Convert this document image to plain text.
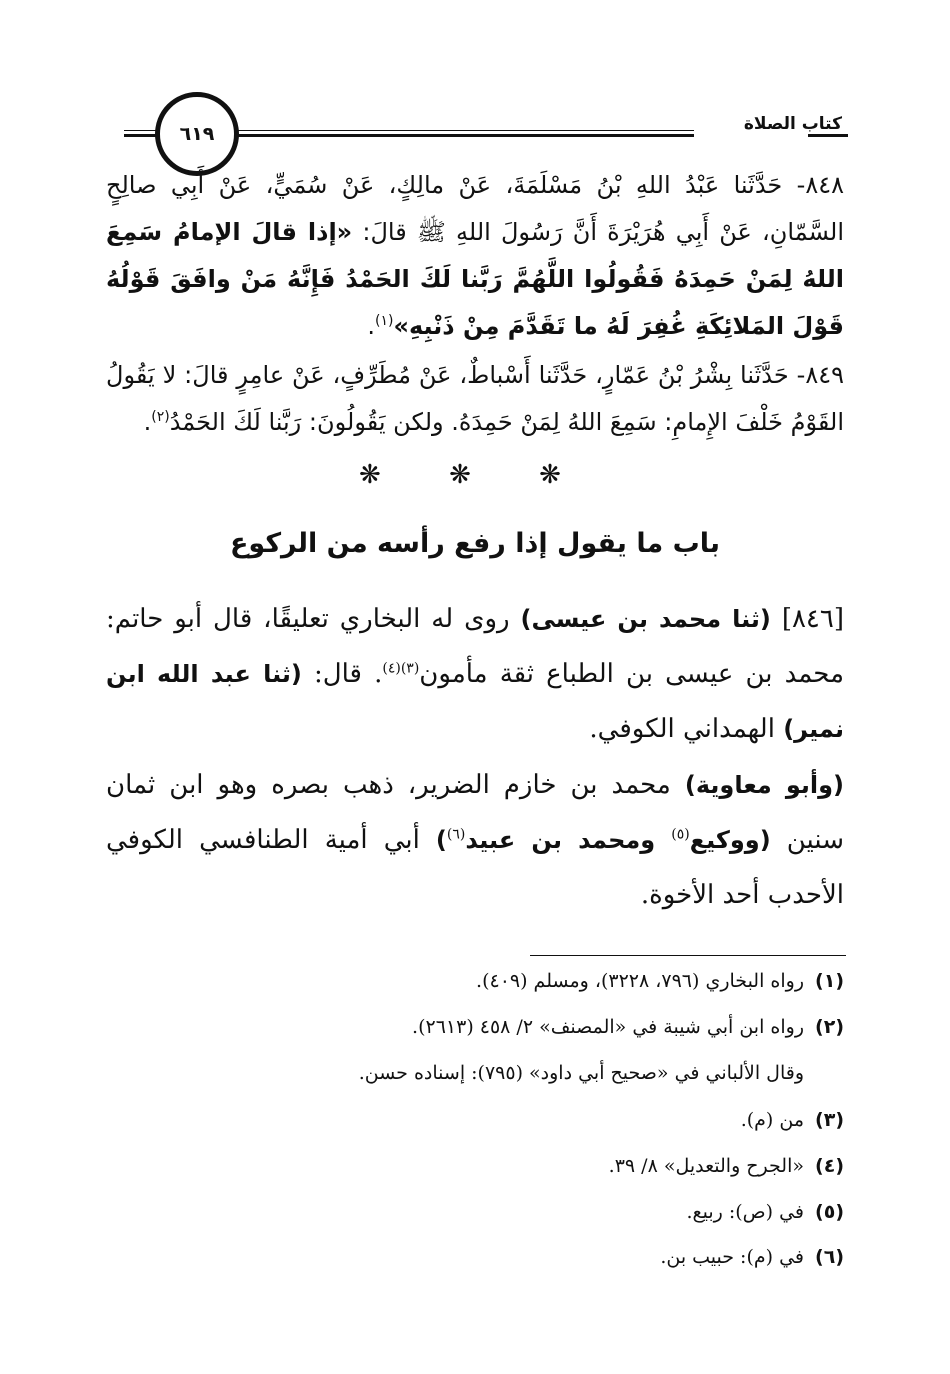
كتاب الصلاة
٦١٩
٨٤٨- حَدَّثَنا عَبْدُ اللهِ بْنُ مَسْلَمَةَ، عَنْ مالِكٍ، عَنْ سُمَيٍّ، عَنْ أَبِي صالِحٍ السَّمّانِ، عَنْ أَبِي هُرَيْرَةَ أَنَّ رَسُولَ اللهِ ﷺ قالَ: «إذا قالَ الإمامُ سَمِعَ اللهُ لِمَنْ حَمِدَهُ فَقُولُوا اللَّهُمَّ رَبَّنا لَكَ الحَمْدُ فَإِنَّهُ مَنْ وافَقَ قَوْلُهُ قَوْلَ المَلائِكَةِ غُفِرَ لَهُ ما تَقَدَّمَ مِنْ ذَنْبِهِ»$^{(١)}$.
٨٤٩- حَدَّثَنا بِشْرُ بْنُ عَمّارٍ، حَدَّثَنا أَسْباطٌ، عَنْ مُطَرِّفٍ، عَنْ عامِرٍ قالَ: لا يَقُولُ القَوْمُ خَلْفَ الإِمامِ: سَمِعَ اللهُ لِمَنْ حَمِدَهُ. ولكن يَقُولُونَ: رَبَّنا لَكَ الحَمْدُ$^{(٢)}$.
❋ ❋ ❋
باب ما يقول إذا رفع رأسه من الركوع
[٨٤٦] (ثنا محمد بن عيسى) روى له البخاري تعليقًا، قال أبو حاتم: محمد بن عيسى بن الطباع ثقة مأمون$^{(٣)(٤)}$. قال: (ثنا عبد الله ابن نمير) الهمداني الكوفي.
(وأبو معاوية) محمد بن خازم الضرير، ذهب بصره وهو ابن ثمان سنين (ووكيع$^{(٥)}$ ومحمد بن عبيد$^{(٦)}$) أبي أمية الطنافسي الكوفي الأحدب أحد الأخوة.
(١)رواه البخاري (٧٩٦، ٣٢٢٨)، ومسلم (٤٠٩).
(٢)رواه ابن أبي شيبة في «المصنف» ٢/ ٤٥٨ (٢٦١٣).
وقال الألباني في «صحيح أبي داود» (٧٩٥): إسناده حسن.
(٣)من (م).
(٤)«الجرح والتعديل» ٨/ ٣٩.
(٥)في (ص): ربيع.
(٦)في (م): حبيب بن.
